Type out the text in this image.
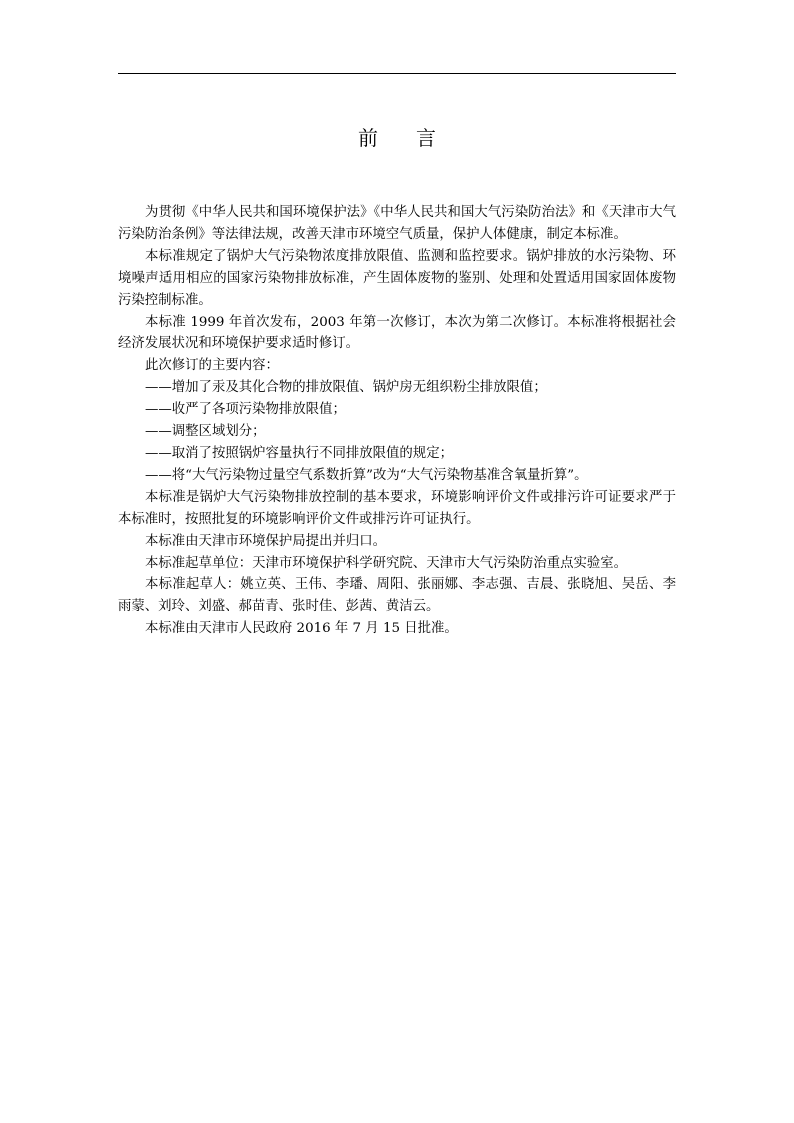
前言

为贯彻《中华人民共和国环境保护法》《中华人民共和国大气污染防治法》和《天津市大气污染防治条例》等法律法规，改善天津市环境空气质量，保护人体健康，制定本标准。

本标准规定了锅炉大气污染物浓度排放限值、监测和监控要求。锅炉排放的水污染物、环境噪声适用相应的国家污染物排放标准，产生固体废物的鉴别、处理和处置适用国家固体废物污染控制标准。

本标准 1999 年首次发布，2003 年第一次修订，本次为第二次修订。本标准将根据社会经济发展状况和环境保护要求适时修订。

此次修订的主要内容：

——增加了汞及其化合物的排放限值、锅炉房无组织粉尘排放限值；

——收严了各项污染物排放限值；

——调整区域划分；

——取消了按照锅炉容量执行不同排放限值的规定；

——将“大气污染物过量空气系数折算”改为“大气污染物基准含氧量折算”。

本标准是锅炉大气污染物排放控制的基本要求，环境影响评价文件或排污许可证要求严于本标准时，按照批复的环境影响评价文件或排污许可证执行。

本标准由天津市环境保护局提出并归口。

本标准起草单位：天津市环境保护科学研究院、天津市大气污染防治重点实验室。

本标准起草人：姚立英、王伟、李璠、周阳、张丽娜、李志强、吉晨、张晓旭、吴岳、李雨蒙、刘玲、刘盛、郝苗青、张时佳、彭茜、黄洁云。

本标准由天津市人民政府 2016 年 7 月 15 日批准。
